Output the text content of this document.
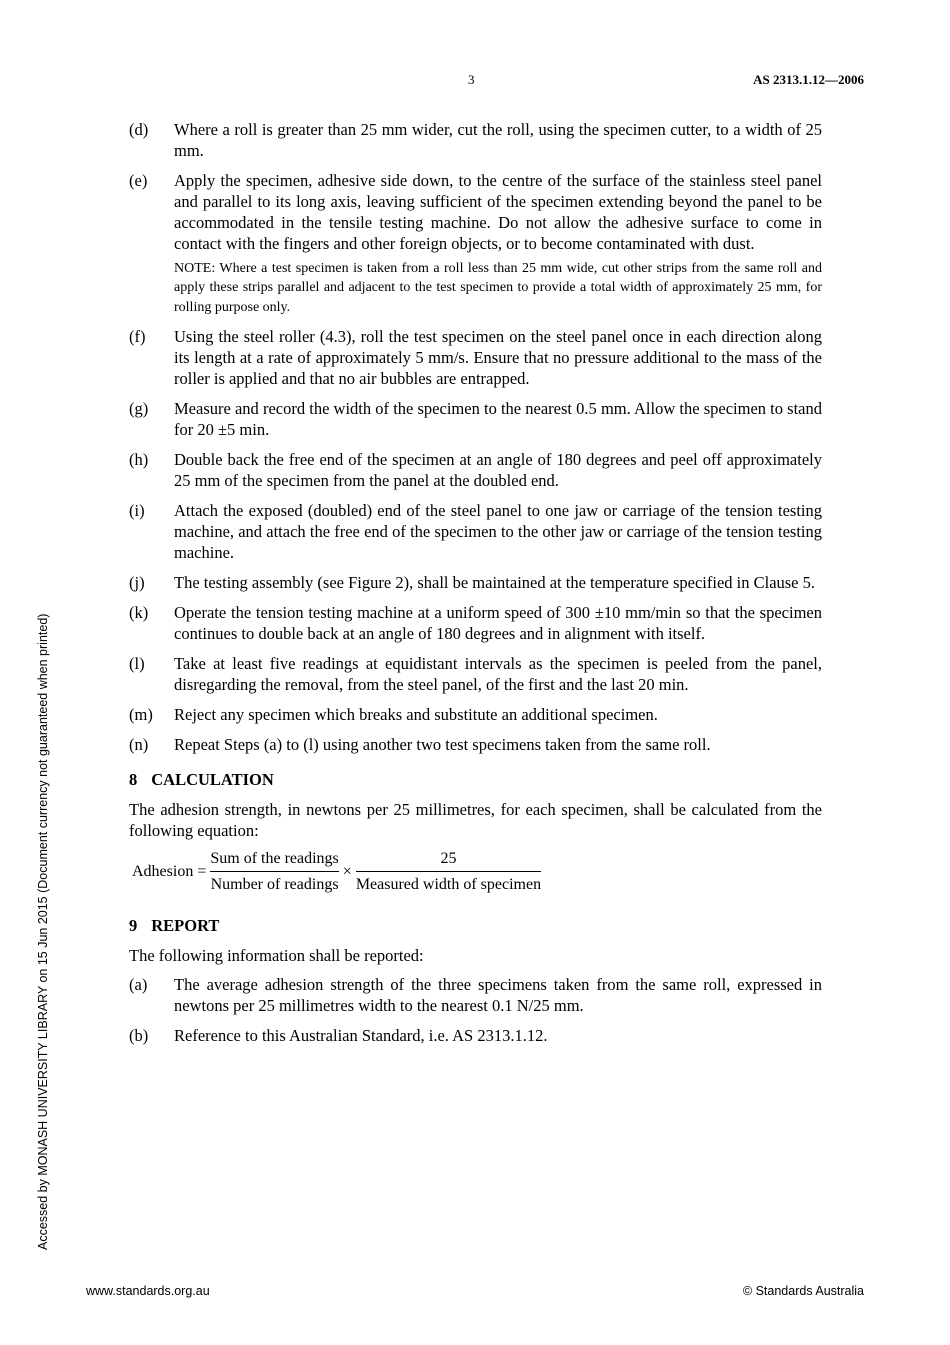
3	AS 2313.1.12—2006
(d)	Where a roll is greater than 25 mm wider, cut the roll, using the specimen cutter, to a width of 25 mm.
(e)	Apply the specimen, adhesive side down, to the centre of the surface of the stainless steel panel and parallel to its long axis, leaving sufficient of the specimen extending beyond the panel to be accommodated in the tensile testing machine. Do not allow the adhesive surface to come in contact with the fingers and other foreign objects, or to become contaminated with dust.
NOTE: Where a test specimen is taken from a roll less than 25 mm wide, cut other strips from the same roll and apply these strips parallel and adjacent to the test specimen to provide a total width of approximately 25 mm, for rolling purpose only.
(f)	Using the steel roller (4.3), roll the test specimen on the steel panel once in each direction along its length at a rate of approximately 5 mm/s. Ensure that no pressure additional to the mass of the roller is applied and that no air bubbles are entrapped.
(g)	Measure and record the width of the specimen to the nearest 0.5 mm. Allow the specimen to stand for 20 ±5 min.
(h)	Double back the free end of the specimen at an angle of 180 degrees and peel off approximately 25 mm of the specimen from the panel at the doubled end.
(i)	Attach the exposed (doubled) end of the steel panel to one jaw or carriage of the tension testing machine, and attach the free end of the specimen to the other jaw or carriage of the tension testing machine.
(j)	The testing assembly (see Figure 2), shall be maintained at the temperature specified in Clause 5.
(k)	Operate the tension testing machine at a uniform speed of 300 ±10 mm/min so that the specimen continues to double back at an angle of 180 degrees and in alignment with itself.
(l)	Take at least five readings at equidistant intervals as the specimen is peeled from the panel, disregarding the removal, from the steel panel, of the first and the last 20 min.
(m)	Reject any specimen which breaks and substitute an additional specimen.
(n)	Repeat Steps (a) to (l) using another two test specimens taken from the same roll.
8 CALCULATION
The adhesion strength, in newtons per 25 millimetres, for each specimen, shall be calculated from the following equation:
Adhesion = $\frac{\text{Sum of the readings}}{\text{Number of readings}} \times \frac{25}{\text{Measured width of specimen}}$
9 REPORT
The following information shall be reported:
(a)	The average adhesion strength of the three specimens taken from the same roll, expressed in newtons per 25 millimetres width to the nearest 0.1 N/25 mm.
(b)	Reference to this Australian Standard, i.e. AS 2313.1.12.
Accessed by MONASH UNIVERSITY LIBRARY on 15 Jun 2015 (Document currency not guaranteed when printed)
www.standards.org.au	© Standards Australia
